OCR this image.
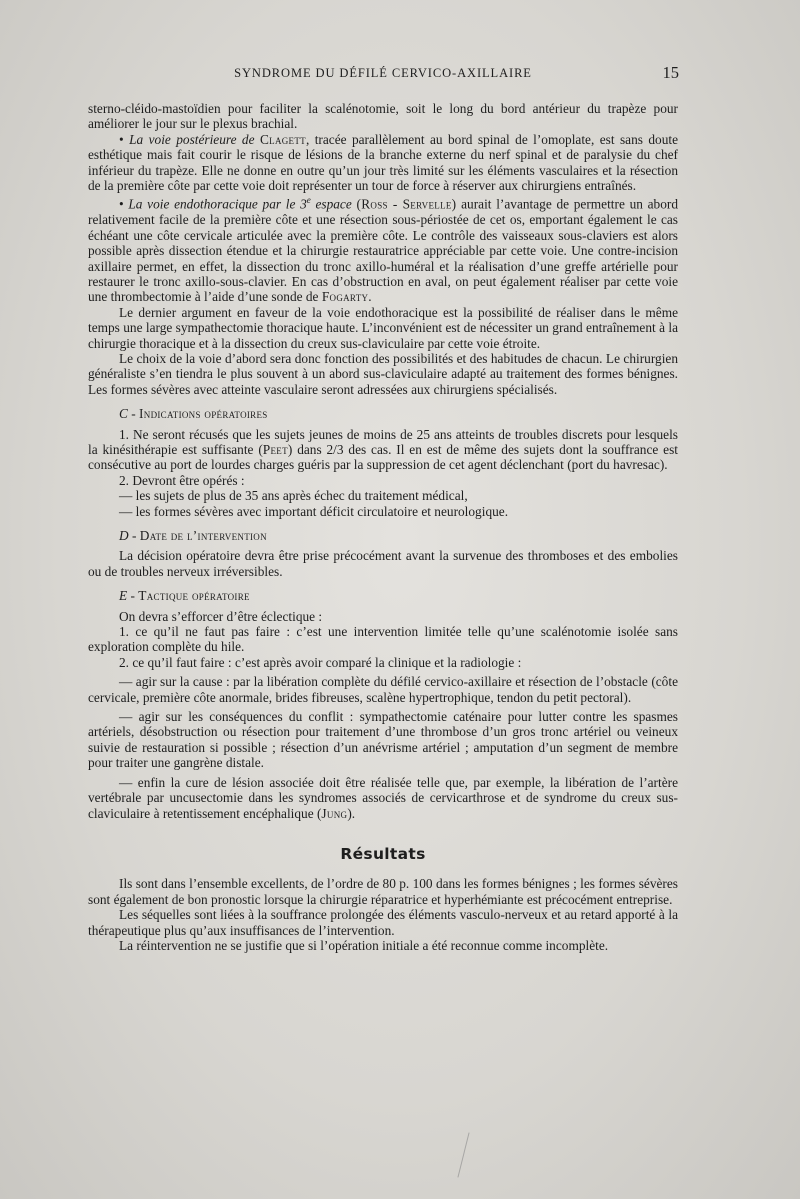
SYNDROME DU DÉFILÉ CERVICO-AXILLAIRE	15

sterno-cléido-mastoïdien pour faciliter la scalénotomie, soit le long du bord antérieur du trapèze pour améliorer le jour sur le plexus brachial.

• La voie postérieure de Clagett, tracée parallèlement au bord spinal de l’omoplate, est sans doute esthétique mais fait courir le risque de lésions de la branche externe du nerf spinal et de paralysie du chef inférieur du trapèze. Elle ne donne en outre qu’un jour très limité sur les éléments vasculaires et la résection de la première côte par cette voie doit représenter un tour de force à réserver aux chirurgiens entraînés.

• La voie endothoracique par le 3e espace (Ross - Servelle) aurait l’avantage de permettre un abord relativement facile de la première côte et une résection sous-périostée de cet os, emportant également le cas échéant une côte cervicale articulée avec la première côte. Le contrôle des vaisseaux sous-claviers est alors possible après dissection étendue et la chirurgie restauratrice appréciable par cette voie. Une contre-incision axillaire permet, en effet, la dissection du tronc axillo-huméral et la réalisation d’une greffe artérielle pour restaurer le tronc axillo-sous-clavier. En cas d’obstruction en aval, on peut également réaliser par cette voie une thrombectomie à l’aide d’une sonde de Fogarty.

Le dernier argument en faveur de la voie endothoracique est la possibilité de réaliser dans le même temps une large sympathectomie thoracique haute. L’inconvénient est de nécessiter un grand entraînement à la chirurgie thoracique et à la dissection du creux sus-claviculaire par cette voie étroite.

Le choix de la voie d’abord sera donc fonction des possibilités et des habitudes de chacun. Le chirurgien généraliste s’en tiendra le plus souvent à un abord sus-claviculaire adapté au traitement des formes bénignes. Les formes sévères avec atteinte vasculaire seront adressées aux chirurgiens spécialisés.

C - Indications opératoires

1. Ne seront récusés que les sujets jeunes de moins de 25 ans atteints de troubles discrets pour lesquels la kinésithérapie est suffisante (Peet) dans 2/3 des cas. Il en est de même des sujets dont la souffrance est consécutive au port de lourdes charges guéris par la suppression de cet agent déclenchant (port du havresac).

2. Devront être opérés :

— les sujets de plus de 35 ans après échec du traitement médical,

— les formes sévères avec important déficit circulatoire et neurologique.

D - Date de l’intervention

La décision opératoire devra être prise précocément avant la survenue des thromboses et des embolies ou de troubles nerveux irréversibles.

E - Tactique opératoire

On devra s’efforcer d’être éclectique :

1. ce qu’il ne faut pas faire : c’est une intervention limitée telle qu’une scalénotomie isolée sans exploration complète du hile.

2. ce qu’il faut faire : c’est après avoir comparé la clinique et la radiologie :

— agir sur la cause : par la libération complète du défilé cervico-axillaire et résection de l’obstacle (côte cervicale, première côte anormale, brides fibreuses, scalène hypertrophique, tendon du petit pectoral).

— agir sur les conséquences du conflit : sympathectomie caténaire pour lutter contre les spasmes artériels, désobstruction ou résection pour traitement d’une thrombose d’un gros tronc artériel ou veineux suivie de restauration si possible ; résection d’un anévrisme artériel ; amputation d’un segment de membre pour traiter une gangrène distale.

— enfin la cure de lésion associée doit être réalisée telle que, par exemple, la libération de l’artère vertébrale par uncusectomie dans les syndromes associés de cervicarthrose et de syndrome du creux sus-claviculaire à retentissement encéphalique (Jung).

Résultats

Ils sont dans l’ensemble excellents, de l’ordre de 80 p. 100 dans les formes bénignes ; les formes sévères sont également de bon pronostic lorsque la chirurgie réparatrice et hyperhémiante est précocément entreprise.

Les séquelles sont liées à la souffrance prolongée des éléments vasculo-nerveux et au retard apporté à la thérapeutique plus qu’aux insuffisances de l’intervention.

La réintervention ne se justifie que si l’opération initiale a été reconnue comme incomplète.
